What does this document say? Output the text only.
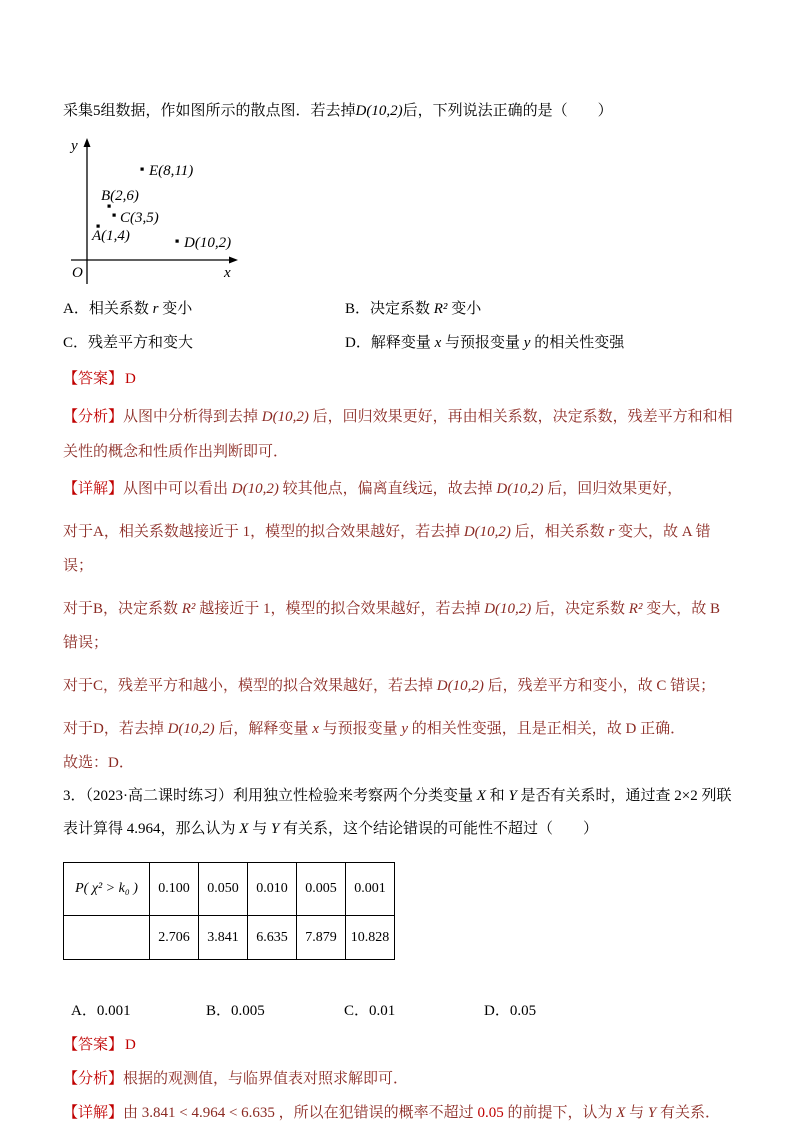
采集5组数据，作如图所示的散点图．若去掉D(10,2)后，下列说法正确的是（　　）

y
x
O
E(8,11)
B(2,6)
C(3,5)
A(1,4)	D(10,2)
A．相关系数 r 变小	B．决定系数 R² 变小
C．残差平方和变大	D．解释变量 x 与预报变量 y 的相关性变强

【答案】 D

【分析】从图中分析得到去掉 D(10,2) 后，回归效果更好，再由相关系数，决定系数，残差平方和和相关性的概念和性质作出判断即可．

【详解】从图中可以看出 D(10,2) 较其他点，偏离直线远，故去掉 D(10,2) 后，回归效果更好，

对于A，相关系数越接近于 1，模型的拟合效果越好，若去掉 D(10,2) 后，相关系数 r 变大，故 A 错误；

对于B，决定系数 R² 越接近于 1，模型的拟合效果越好，若去掉 D(10,2) 后，决定系数 R² 变大，故 B 错误；

对于C，残差平方和越小，模型的拟合效果越好，若去掉 D(10,2) 后，残差平方和变小，故 C 错误；

对于D，若去掉 D(10,2) 后，解释变量 x 与预报变量 y 的相关性变强，且是正相关，故 D 正确．

故选：D．

3．（2023·高二课时练习）利用独立性检验来考察两个分类变量 X 和 Y 是否有关系时，通过查 2×2 列联表计算得 4.964，那么认为 X 与 Y 有关系，这个结论错误的可能性不超过（　　）

P( χ² > k₀ )	0.100	0.050	0.010	0.005	0.001
	2.706	3.841	6.635	7.879	10.828
A．0.001	B．0.005	C．0.01	D．0.05

【答案】 D

【分析】根据的观测值，与临界值表对照求解即可．

【详解】由 3.841 < 4.964 < 6.635 ，所以在犯错误的概率不超过 0.05 的前提下，认为 X 与 Y 有关系．
